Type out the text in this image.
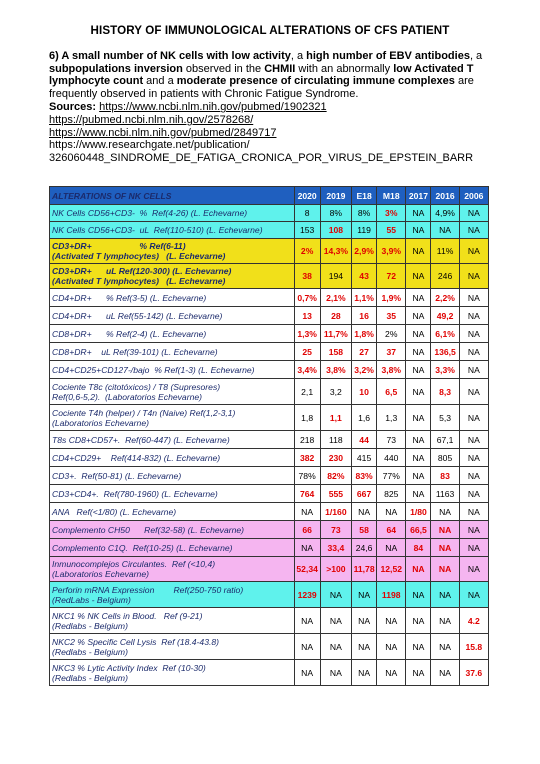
HISTORY OF IMMUNOLOGICAL ALTERATIONS OF CFS PATIENT
6) A small number of NK cells with low activity, a high number of EBV antibodies, a subpopulations inversion observed in the CHMII with an abnormally low Activated T lymphocyte count and a moderate presence of circulating immune complexes are frequently observed in patients with Chronic Fatigue Syndrome.
Sources: https://www.ncbi.nlm.nih.gov/pubmed/1902321
https://pubmed.ncbi.nlm.nih.gov/2578268/
https://www.ncbi.nlm.nih.gov/pubmed/2849717
https://www.researchgate.net/publication/
326060448_SINDROME_DE_FATIGA_CRONICA_POR_VIRUS_DE_EPSTEIN_BARR
ALTERATIONS OF NK CELLS	2020	2019	E18	M18	2017	2016	2006

NK Cells CD56+CD3-  %  Ref(4-26) (L. Echevarne)	8	8%	8%	3%	NA	4,9%	NA

NK Cells CD56+CD3-  uL  Ref(110-510) (L. Echevarne)	153	108	119	55	NA	NA	NA

CD3+DR+                    % Ref(6-11)
(Activated T lymphocytes)   (L. Echevarne)	2%	14,3%	2,9%	3,9%	NA	11%	NA

CD3+DR+      uL Ref(120-300) (L. Echevarne)
(Activated T lymphocytes)   (L. Echevarne)	38	194	43	72	NA	246	NA

CD4+DR+      % Ref(3-5) (L. Echevarne)	0,7%	2,1%	1,1%	1,9%	NA	2,2%	NA

CD4+DR+      uL Ref(55-142) (L. Echevarne)	13	28	16	35	NA	49,2	NA

CD8+DR+      % Ref(2-4) (L. Echevarne)	1,3%	11,7%	1,8%	2%	NA	6,1%	NA

CD8+DR+    uL Ref(39-101) (L. Echevarne)	25	158	27	37	NA	136,5	NA

CD4+CD25+CD127-/bajo  % Ref(1-3) (L. Echevarne)	3,4%	3,8%	3,2%	3,8%	NA	3,3%	NA

Cociente T8c (citotóxicos) / T8 (Supresores)
Ref(0,6-5,2).  (Laboratorios Echevarne)	2,1	3,2	10	6,5	NA	8,3	NA

Cociente T4h (helper) / T4n (Naive) Ref(1,2-3,1)
(Laboratorios Echevarne)	1,8	1,1	1,6	1,3	NA	5,3	NA

T8s CD8+CD57+.  Ref(60-447) (L. Echevarne)	218	118	44	73	NA	67,1	NA

CD4+CD29+    Ref(414-832) (L. Echevarne)	382	230	415	440	NA	805	NA

CD3+.  Ref(50-81) (L. Echevarne)	78%	82%	83%	77%	NA	83	NA

CD3+CD4+.  Ref(780-1960) (L. Echevarne)	764	555	667	825	NA	1163	NA

ANA   Ref(<1/80) (L. Echevarne)	NA	1/160	NA	NA	1/80	NA	NA

Complemento CH50      Ref(32-58) (L. Echevarne)	66	73	58	64	66,5	NA	NA

Complemento C1Q.  Ref(10-25) (L. Echevarne)	NA	33,4	24,6	NA	84	NA	NA

Inmunocomplejos Circulantes.  Ref (<10,4)
(Laboratorios Echevarne)	52,34	>100	11,78	12,52	NA	NA	NA

Perforin mRNA Expression        Ref(250-750 ratio)
(RedLabs - Belgium)	1239	NA	NA	1198	NA	NA	NA

NKC1 % NK Cells in Blood.   Ref (9-21)
(Redlabs - Belgium)	NA	NA	NA	NA	NA	NA	4.2

NKC2 % Specific Cell Lysis  Ref (18.4-43.8)
(Redlabs - Belgium)	NA	NA	NA	NA	NA	NA	15.8

NKC3 % Lytic Activity Index  Ref (10-30)
(Redlabs - Belgium)	NA	NA	NA	NA	NA	NA	37.6
